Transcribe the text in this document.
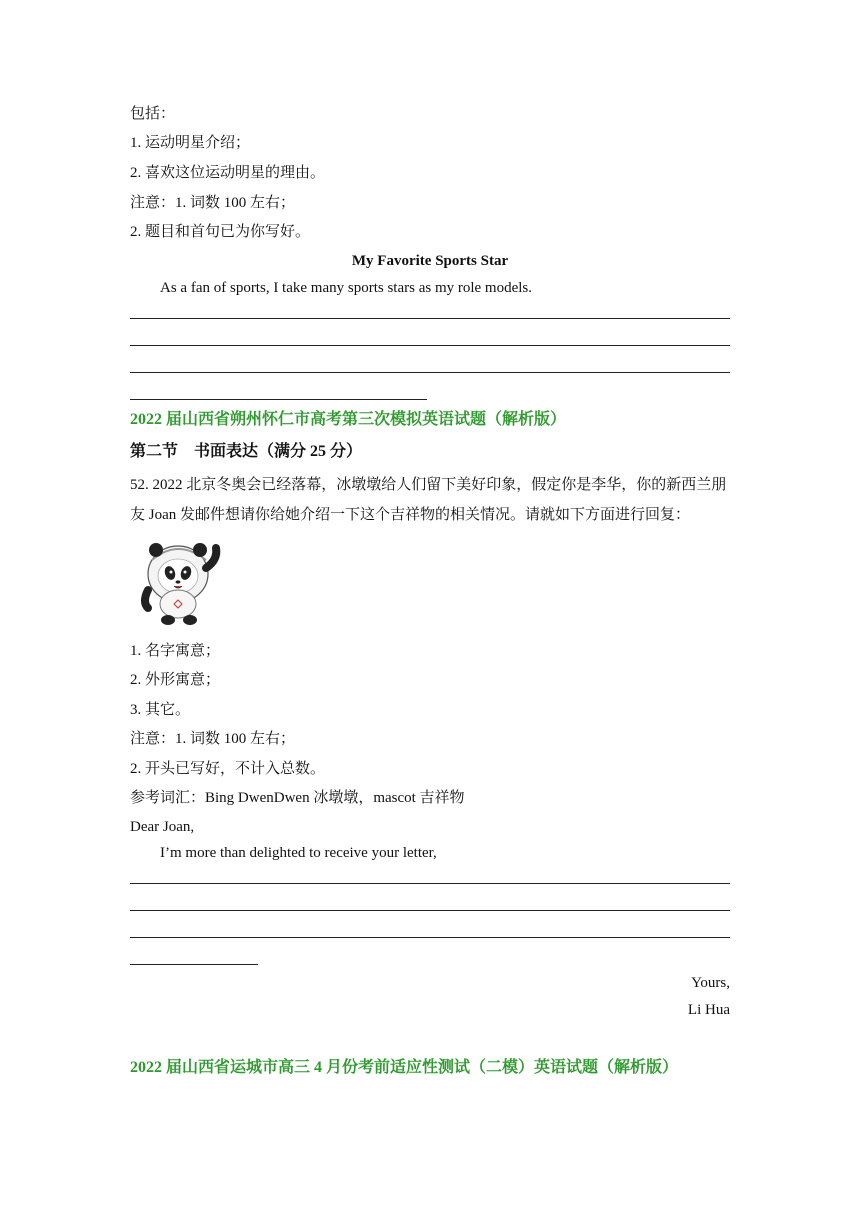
包括：
1. 运动明星介绍；
2. 喜欢这位运动明星的理由。
注意：1. 词数 100 左右；
2. 题目和首句已为你写好。
My Favorite Sports Star
As a fan of sports, I take many sports stars as my role models.
2022 届山西省朔州怀仁市高考第三次模拟英语试题（解析版）
第二节　书面表达（满分 25 分）
52. 2022 北京冬奥会已经落幕，冰墩墩给人们留下美好印象，假定你是李华，你的新西兰朋
友 Joan 发邮件想请你给她介绍一下这个吉祥物的相关情况。请就如下方面进行回复：
1. 名字寓意；
2. 外形寓意；
3. 其它。
注意：1. 词数 100 左右；
2. 开头已写好，不计入总数。
参考词汇：Bing DwenDwen 冰墩墩，mascot 吉祥物
Dear Joan,
I’m more than delighted to receive your letter,
Yours,
Li Hua
2022 届山西省运城市高三 4 月份考前适应性测试（二模）英语试题（解析版）
